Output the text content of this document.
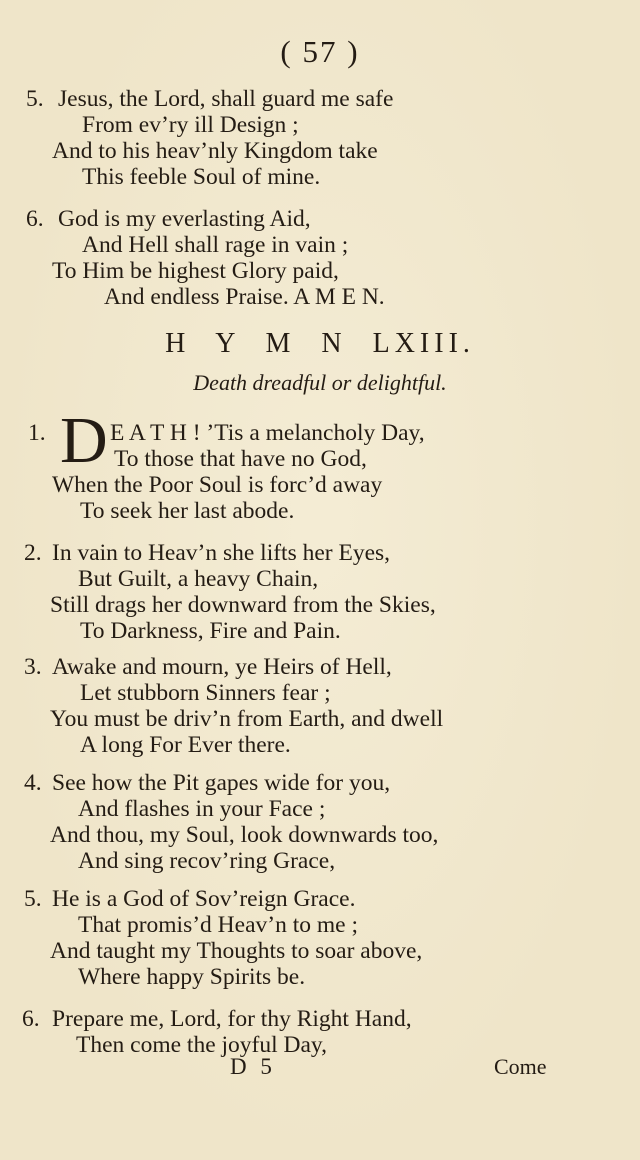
( 57 )
5. Jesus, the Lord, shall guard me safe
From ev’ry ill Design ;
And to his heav’nly Kingdom take
This feeble Soul of mine.
6. God is my everlasting Aid,
And Hell shall rage in vain ;
To Him be highest Glory paid,
And endless Praise. A M E N.
H Y M N LXIII.
Death dreadful or delightful.
1. D E A T H ! ’Tis a melancholy Day,
To those that have no God,
When the Poor Soul is forc’d away
To seek her last abode.
2. In vain to Heav’n she lifts her Eyes,
But Guilt, a heavy Chain,
Still drags her downward from the Skies,
To Darkness, Fire and Pain.
3. Awake and mourn, ye Heirs of Hell,
Let stubborn Sinners fear ;
You must be driv’n from Earth, and dwell
A long For Ever there.
4. See how the Pit gapes wide for you,
And flashes in your Face ;
And thou, my Soul, look downwards too,
And sing recov’ring Grace,
5. He is a God of Sov’reign Grace.
That promis’d Heav’n to me ;
And taught my Thoughts to soar above,
Where happy Spirits be.
6. Prepare me, Lord, for thy Right Hand,
Then come the joyful Day,
D 5	Come
